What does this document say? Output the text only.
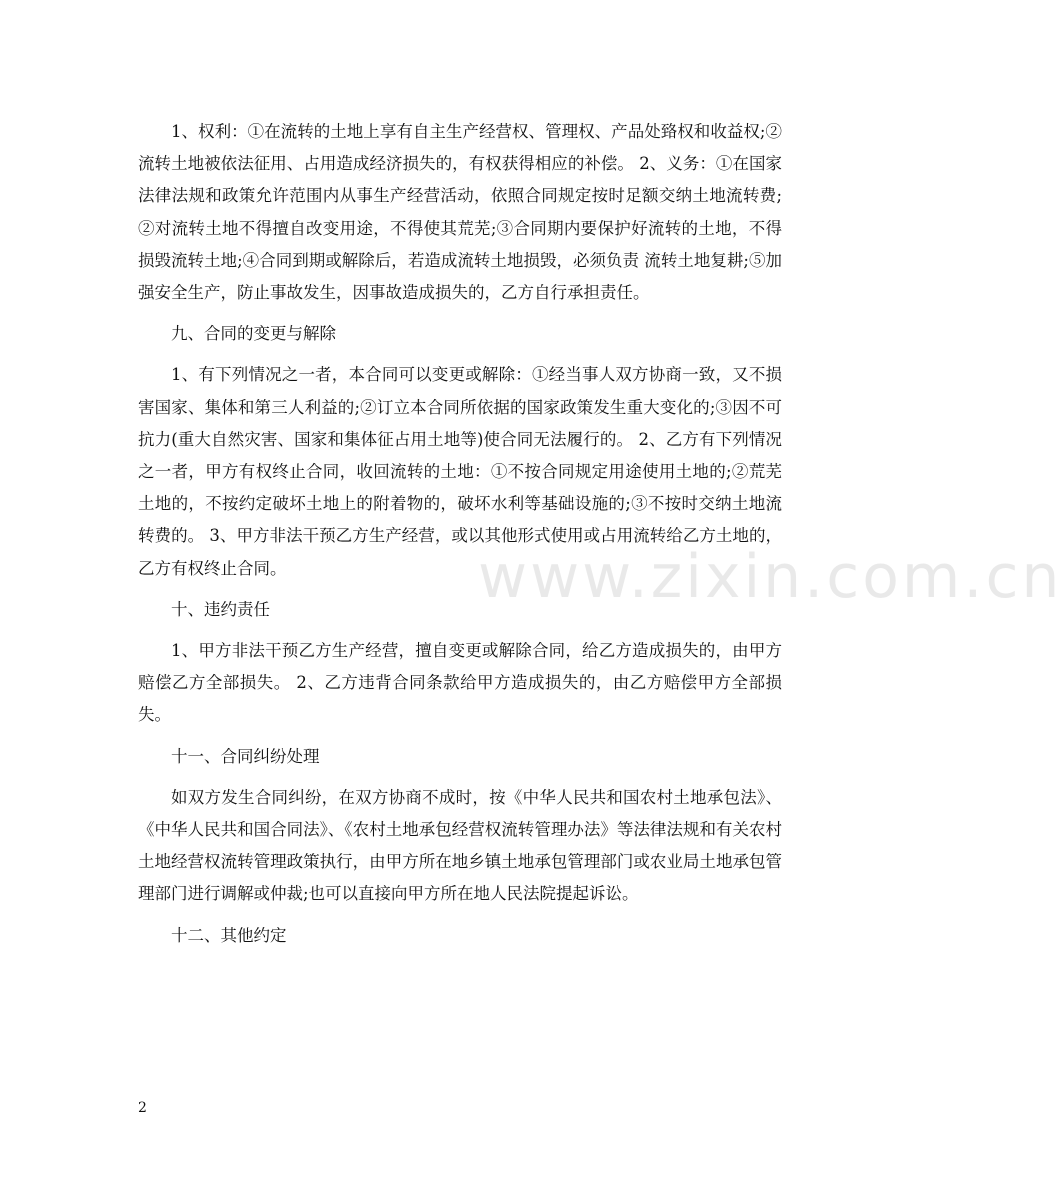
www.zixin.com.cn

1、权利：①在流转的土地上享有自主生产经营权、管理权、产品处臵权和收益权;②流转土地被依法征用、占用造成经济损失的，有权获得相应的补偿。 2、义务：①在国家法律法规和政策允许范围内从事生产经营活动，依照合同规定按时足额交纳土地流转费;②对流转土地不得擅自改变用途，不得使其荒芜;③合同期内要保护好流转的土地，不得损毁流转土地;④合同到期或解除后，若造成流转土地损毁，必须负责 流转土地复耕;⑤加强安全生产，防止事故发生，因事故造成损失的，乙方自行承担责任。

九、合同的变更与解除

1、有下列情况之一者，本合同可以变更或解除：①经当事人双方协商一致，又不损害国家、集体和第三人利益的;②订立本合同所依据的国家政策发生重大变化的;③因不可抗力(重大自然灾害、国家和集体征占用土地等)使合同无法履行的。 2、乙方有下列情况之一者，甲方有权终止合同，收回流转的土地：①不按合同规定用途使用土地的;②荒芜土地的，不按约定破坏土地上的附着物的，破坏水利等基础设施的;③不按时交纳土地流转费的。 3、甲方非法干预乙方生产经营，或以其他形式使用或占用流转给乙方土地的，乙方有权终止合同。

十、违约责任

1、甲方非法干预乙方生产经营，擅自变更或解除合同，给乙方造成损失的，由甲方赔偿乙方全部损失。 2、乙方违背合同条款给甲方造成损失的，由乙方赔偿甲方全部损失。

十一、合同纠纷处理

如双方发生合同纠纷，在双方协商不成时，按《中华人民共和国农村土地承包法》、《中华人民共和国合同法》、《农村土地承包经营权流转管理办法》等法律法规和有关农村土地经营权流转管理政策执行，由甲方所在地乡镇土地承包管理部门或农业局土地承包管理部门进行调解或仲裁;也可以直接向甲方所在地人民法院提起诉讼。

十二、其他约定

2
